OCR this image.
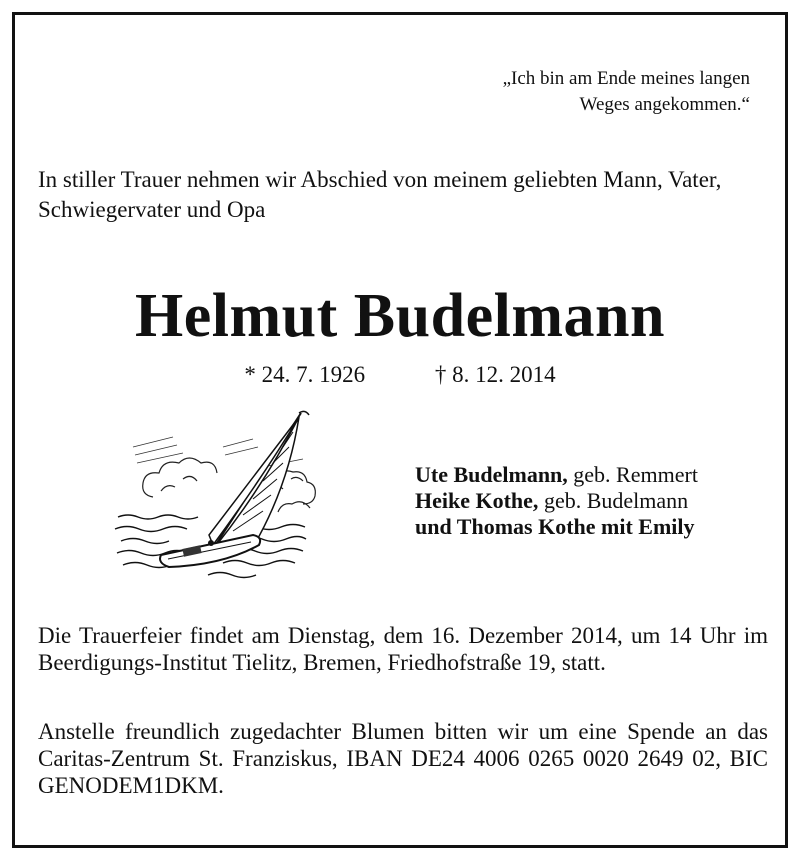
„Ich bin am Ende meines langen
Weges angekommen.“
In stiller Trauer nehmen wir Abschied von meinem geliebten Mann, Vater, Schwiegervater und Opa
Helmut Budelmann
* 24. 7. 1926	† 8. 12. 2014
Ute Budelmann, geb. Remmert
Heike Kothe, geb. Budelmann
und Thomas Kothe mit Emily
Die Trauerfeier findet am Dienstag, dem 16. Dezember 2014, um 14 Uhr im Beerdigungs-Institut Tielitz, Bremen, Friedhofstraße 19, statt.
Anstelle freundlich zugedachter Blumen bitten wir um eine Spende an das Caritas-Zentrum St. Franziskus, IBAN DE24 4006 0265 0020 2649 02, BIC GENODEM1DKM.
